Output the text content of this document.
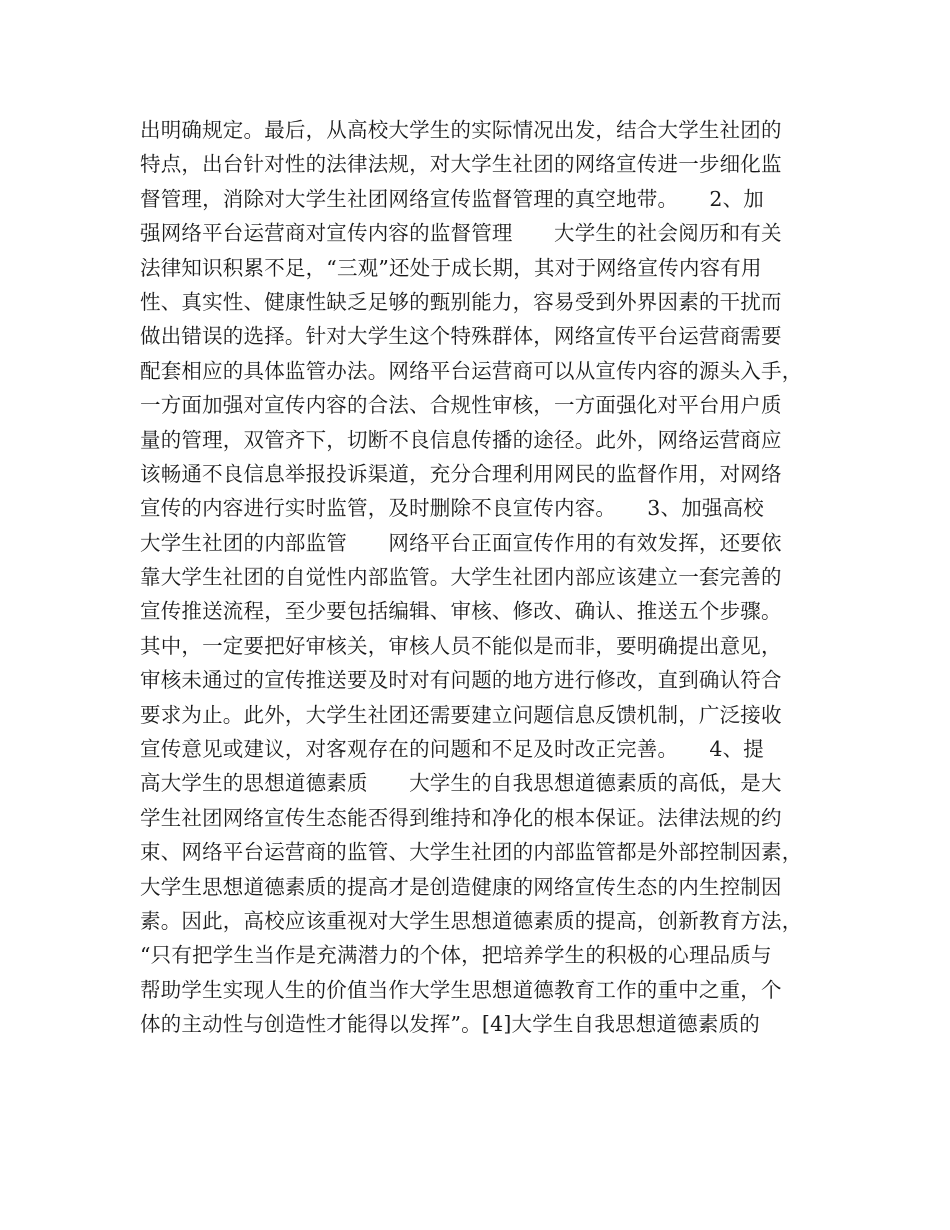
出明确规定。最后，从高校大学生的实际情况出发，结合大学生社团的
特点，出台针对性的法律法规，对大学生社团的网络宣传进一步细化监
督管理，消除对大学生社团网络宣传监督管理的真空地带。　　2、加
强网络平台运营商对宣传内容的监督管理　　大学生的社会阅历和有关
法律知识积累不足，“三观”还处于成长期，其对于网络宣传内容有用
性、真实性、健康性缺乏足够的甄别能力，容易受到外界因素的干扰而
做出错误的选择。针对大学生这个特殊群体，网络宣传平台运营商需要
配套相应的具体监管办法。网络平台运营商可以从宣传内容的源头入手，
一方面加强对宣传内容的合法、合规性审核，一方面强化对平台用户质
量的管理，双管齐下，切断不良信息传播的途径。此外，网络运营商应
该畅通不良信息举报投诉渠道，充分合理利用网民的监督作用，对网络
宣传的内容进行实时监管，及时删除不良宣传内容。　　3、加强高校
大学生社团的内部监管　　网络平台正面宣传作用的有效发挥，还要依
靠大学生社团的自觉性内部监管。大学生社团内部应该建立一套完善的
宣传推送流程，至少要包括编辑、审核、修改、确认、推送五个步骤。
其中，一定要把好审核关，审核人员不能似是而非，要明确提出意见，
审核未通过的宣传推送要及时对有问题的地方进行修改，直到确认符合
要求为止。此外，大学生社团还需要建立问题信息反馈机制，广泛接收
宣传意见或建议，对客观存在的问题和不足及时改正完善。　　4、提
高大学生的思想道德素质　　大学生的自我思想道德素质的高低，是大
学生社团网络宣传生态能否得到维持和净化的根本保证。法律法规的约
束、网络平台运营商的监管、大学生社团的内部监管都是外部控制因素，
大学生思想道德素质的提高才是创造健康的网络宣传生态的内生控制因
素。因此，高校应该重视对大学生思想道德素质的提高，创新教育方法，
“只有把学生当作是充满潜力的个体，把培养学生的积极的心理品质与
帮助学生实现人生的价值当作大学生思想道德教育工作的重中之重，个
体的主动性与创造性才能得以发挥”。[4]大学生自我思想道德素质的
